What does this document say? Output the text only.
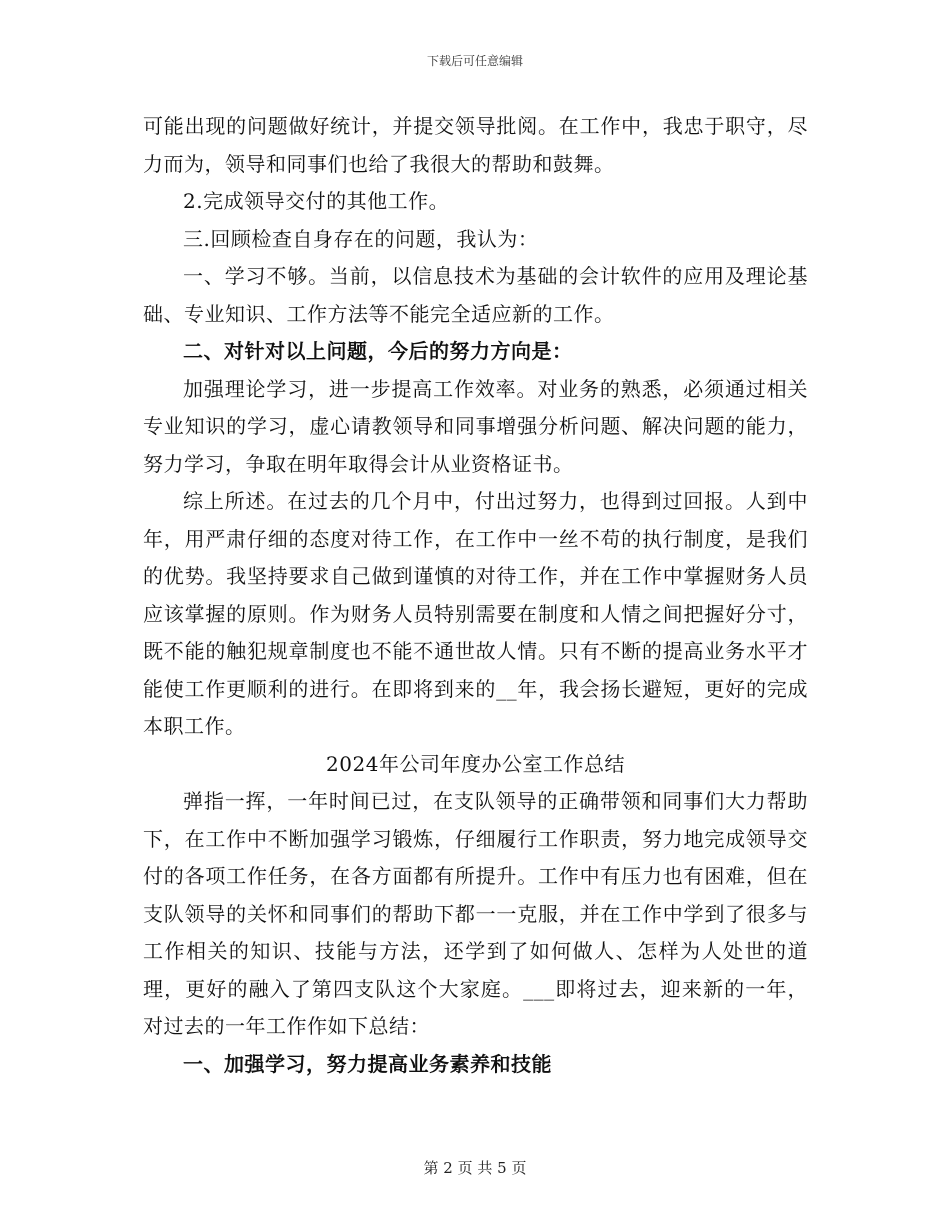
下载后可任意编辑

可能出现的问题做好统计，并提交领导批阅。在工作中，我忠于职守，尽力而为，领导和同事们也给了我很大的帮助和鼓舞。

2.完成领导交付的其他工作。

三.回顾检查自身存在的问题，我认为：

一、学习不够。当前，以信息技术为基础的会计软件的应用及理论基础、专业知识、工作方法等不能完全适应新的工作。

二、对针对以上问题，今后的努力方向是：

加强理论学习，进一步提高工作效率。对业务的熟悉，必须通过相关专业知识的学习，虚心请教领导和同事增强分析问题、解决问题的能力，努力学习，争取在明年取得会计从业资格证书。

综上所述。在过去的几个月中，付出过努力，也得到过回报。人到中年，用严肃仔细的态度对待工作，在工作中一丝不苟的执行制度，是我们的优势。我坚持要求自己做到谨慎的对待工作，并在工作中掌握财务人员应该掌握的原则。作为财务人员特别需要在制度和人情之间把握好分寸，既不能的触犯规章制度也不能不通世故人情。只有不断的提高业务水平才能使工作更顺利的进行。在即将到来的__年，我会扬长避短，更好的完成本职工作。

2024年公司年度办公室工作总结

弹指一挥，一年时间已过，在支队领导的正确带领和同事们大力帮助下，在工作中不断加强学习锻炼，仔细履行工作职责，努力地完成领导交付的各项工作任务，在各方面都有所提升。工作中有压力也有困难，但在支队领导的关怀和同事们的帮助下都一一克服，并在工作中学到了很多与工作相关的知识、技能与方法，还学到了如何做人、怎样为人处世的道理，更好的融入了第四支队这个大家庭。___即将过去，迎来新的一年，对过去的一年工作作如下总结：

一、加强学习，努力提高业务素养和技能

第 2 页 共 5 页
